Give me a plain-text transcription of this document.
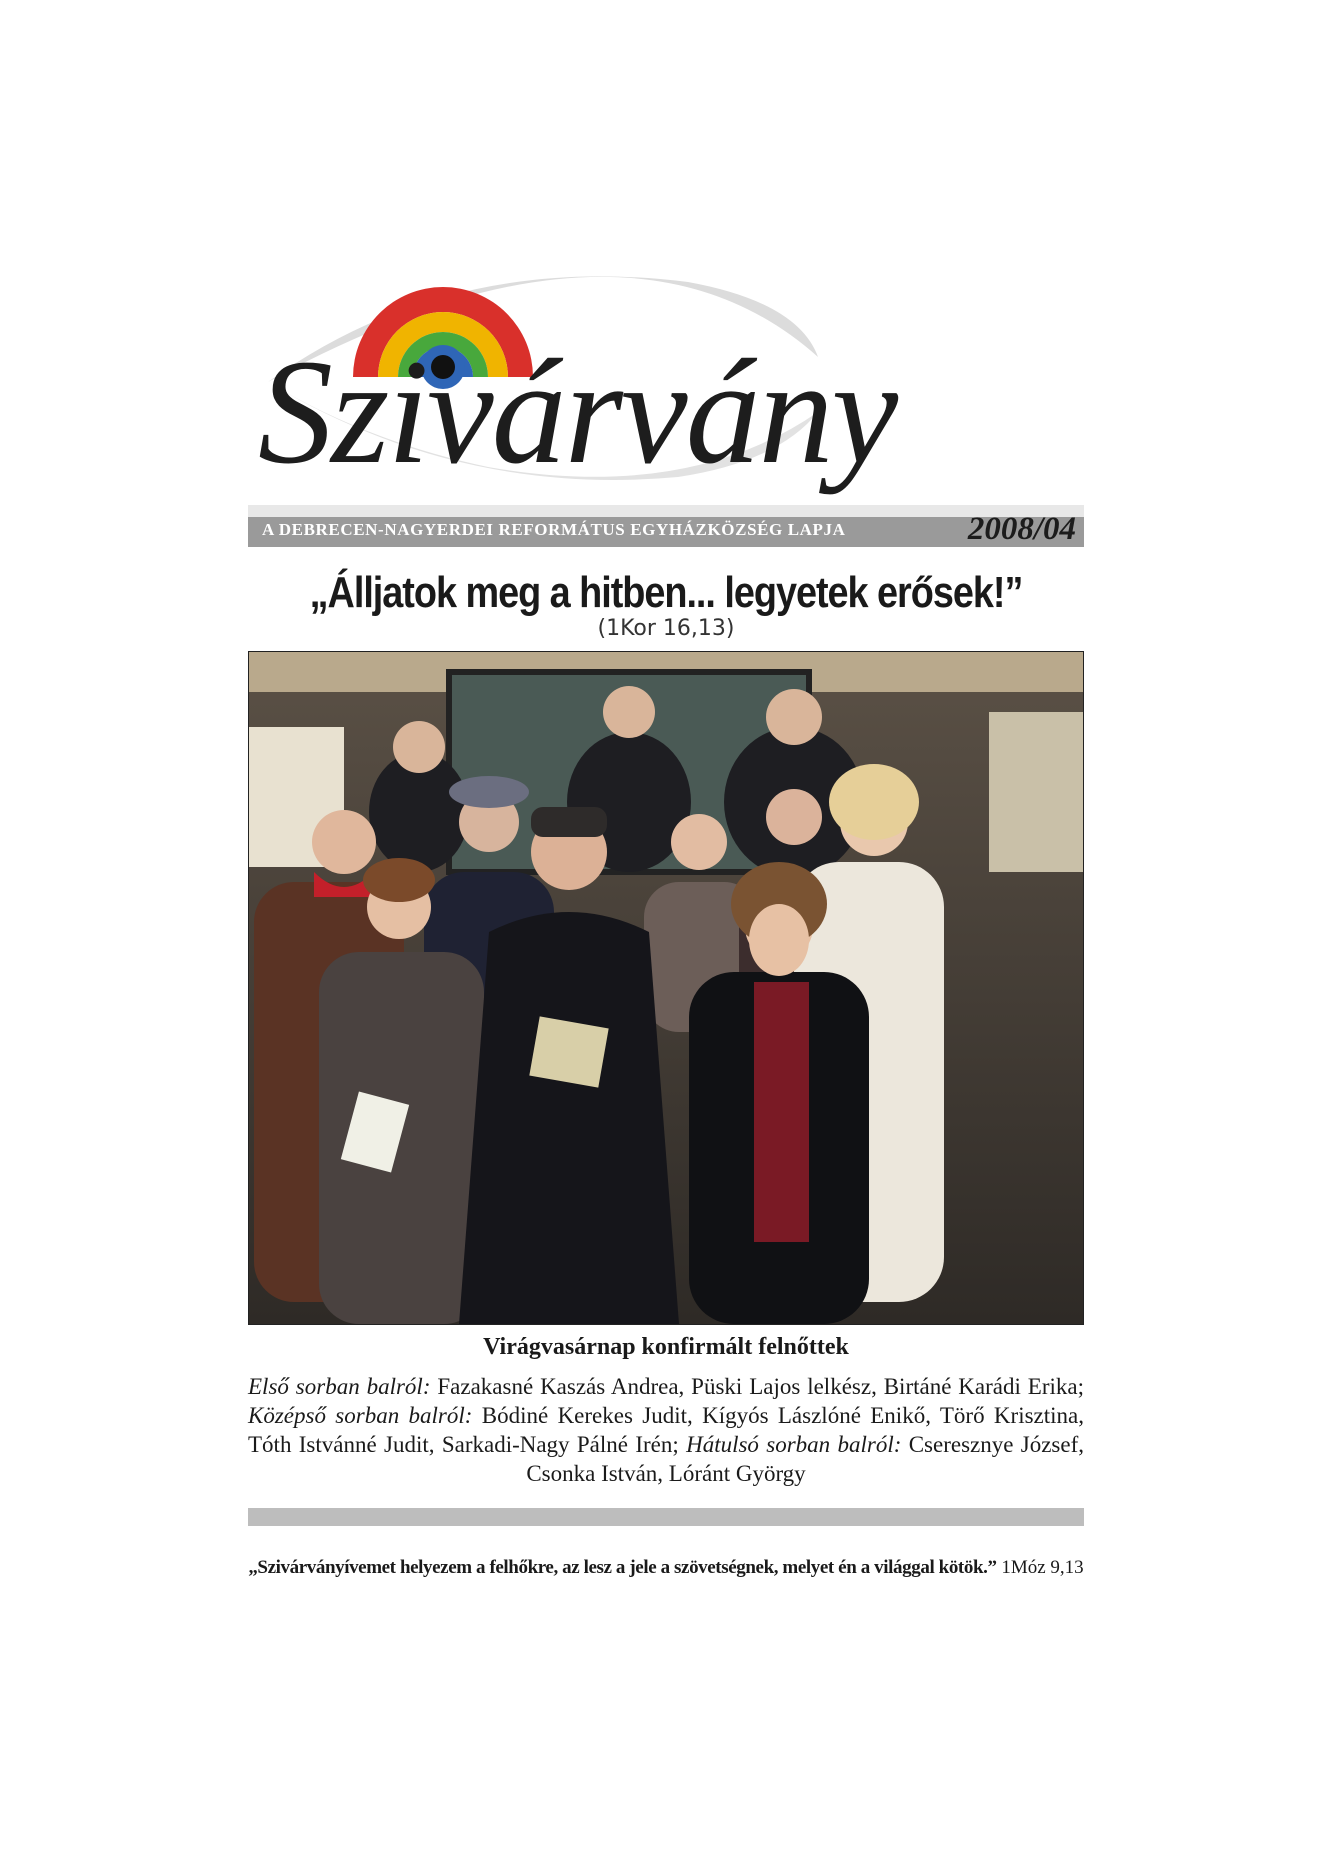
Szivárvány
A DEBRECEN-NAGYERDEI REFORMÁTUS EGYHÁZKÖZSÉG LAPJA	2008/04
„Álljatok meg a hitben... legyetek erősek!”
(1Kor 16,13)
Virágvasárnap konfirmált felnőttek
Első sorban balról: Fazakasné Kaszás Andrea, Püski Lajos lelkész, Birtáné Karádi Erika; Középső sorban balról: Bódiné Kerekes Judit, Kígyós Lászlóné Enikő, Törő Krisztina, Tóth Istvánné Judit, Sarkadi-Nagy Pálné Irén; Hátulsó sorban balról: Cseresznye József, Csonka István, Lóránt György
„Szivárványívemet helyezem a felhőkre, az lesz a jele a szövetségnek, melyet én a világgal kötök.” 1Móz 9,13
